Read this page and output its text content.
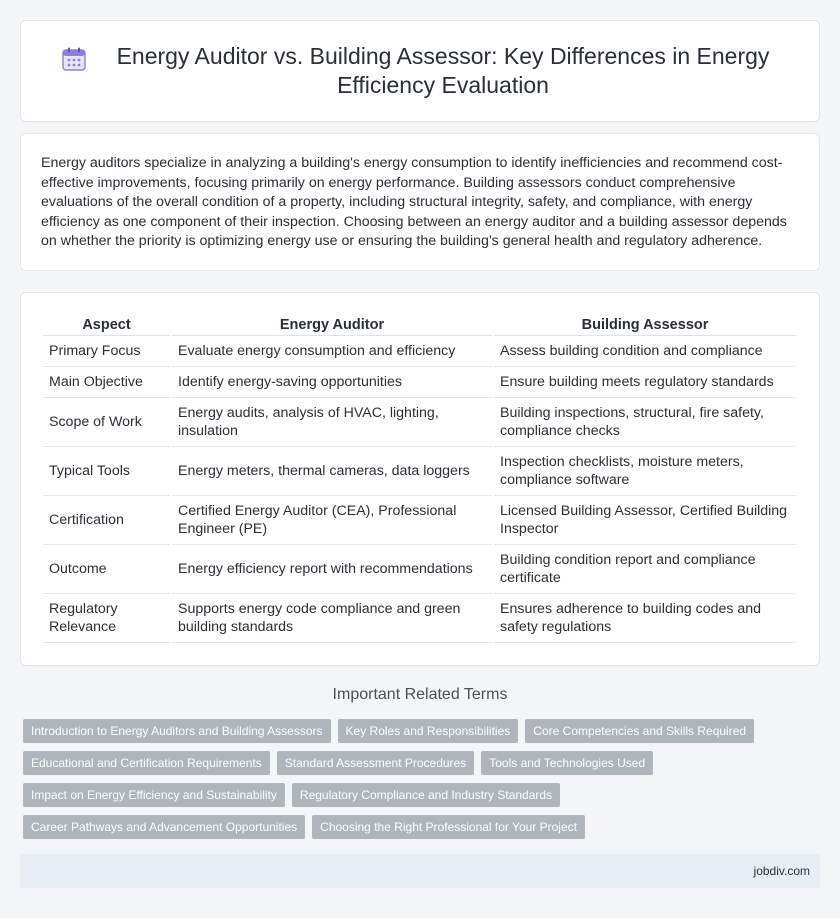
Energy Auditor vs. Building Assessor: Key Differences in Energy Efficiency Evaluation

Energy auditors specialize in analyzing a building's energy consumption to identify inefficiencies and recommend cost-effective improvements, focusing primarily on energy performance. Building assessors conduct comprehensive evaluations of the overall condition of a property, including structural integrity, safety, and compliance, with energy efficiency as one component of their inspection. Choosing between an energy auditor and a building assessor depends on whether the priority is optimizing energy use or ensuring the building's general health and regulatory adherence.

Aspect	Energy Auditor	Building Assessor
Primary Focus	Evaluate energy consumption and efficiency	Assess building condition and compliance
Main Objective	Identify energy-saving opportunities	Ensure building meets regulatory standards
Scope of Work	Energy audits, analysis of HVAC, lighting, insulation	Building inspections, structural, fire safety, compliance checks
Typical Tools	Energy meters, thermal cameras, data loggers	Inspection checklists, moisture meters, compliance software
Certification	Certified Energy Auditor (CEA), Professional Engineer (PE)	Licensed Building Assessor, Certified Building Inspector
Outcome	Energy efficiency report with recommendations	Building condition report and compliance certificate
Regulatory Relevance	Supports energy code compliance and green building standards	Ensures adherence to building codes and safety regulations
Important Related Terms
Introduction to Energy Auditors and Building Assessors	Key Roles and Responsibilities	Core Competencies and Skills Required
Educational and Certification Requirements	Standard Assessment Procedures	Tools and Technologies Used
Impact on Energy Efficiency and Sustainability	Regulatory Compliance and Industry Standards
Career Pathways and Advancement Opportunities	Choosing the Right Professional for Your Project
jobdiv.com
